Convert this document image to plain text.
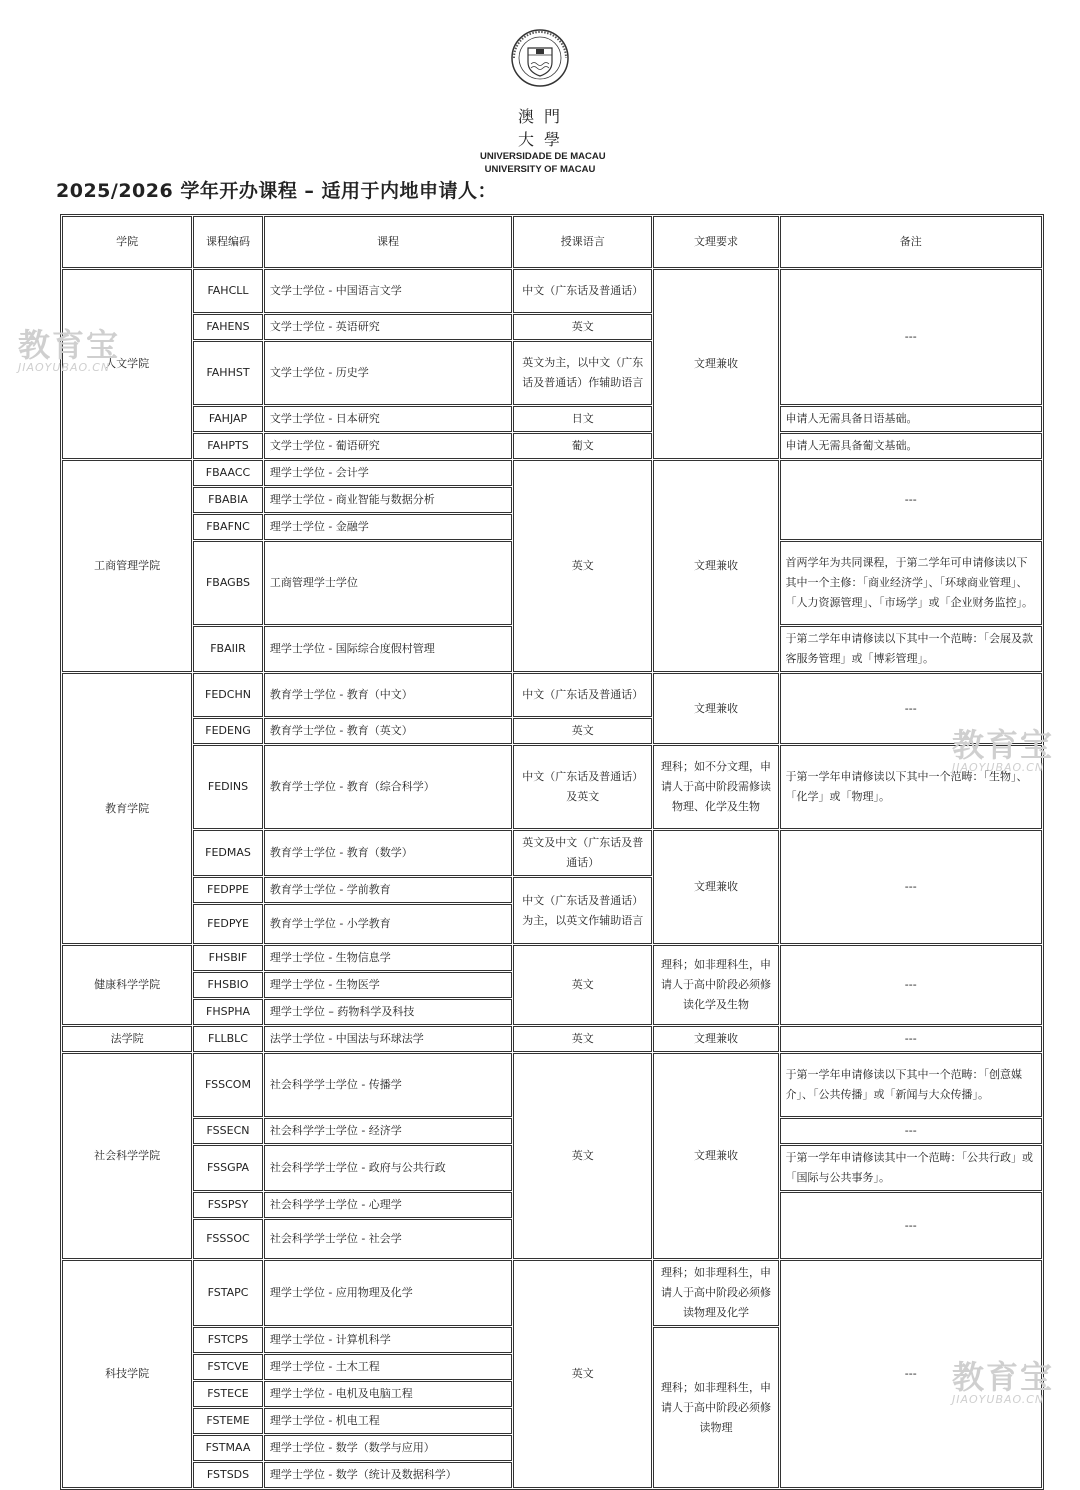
澳門大學
UNIVERSIDADE DE MACAU
UNIVERSITY OF MACAU
2025/2026 学年开办课程 – 适用于内地申请人：
学院	课程编码	课程	授课语言	文理要求	备注
人文学院	FAHCLL	文学士学位 - 中国语言文学	中文（广东话及普通话）	文理兼收	---
	FAHENS	文学士学位 - 英语研究	英文		
	FAHHST	文学士学位 - 历史学	英文为主，以中文（广东话及普通话）作辅助语言		
	FAHJAP	文学士学位 - 日本研究	日文		申请人无需具备日语基础。
	FAHPTS	文学士学位 - 葡语研究	葡文		申请人无需具备葡文基础。
工商管理学院	FBAACC	理学士学位 - 会计学	英文	文理兼收	---
	FBABIA	理学士学位 - 商业智能与数据分析			
	FBAFNC	理学士学位 - 金融学			
	FBAGBS	工商管理学士学位			首两学年为共同课程，于第二学年可申请修读以下其中一个主修：「商业经济学」、「环球商业管理」、「人力资源管理」、「市场学」或「企业财务监控」。
	FBAIIR	理学士学位 - 国际综合度假村管理			于第二学年申请修读以下其中一个范畴：「会展及款客服务管理」或「博彩管理」。
教育学院	FEDCHN	教育学士学位 - 教育（中文）	中文（广东话及普通话）	文理兼收	---
	FEDENG	教育学士学位 - 教育（英文）	英文		
	FEDINS	教育学士学位 - 教育（综合科学）	中文（广东话及普通话）及英文	理科；如不分文理，申请人于高中阶段需修读物理、化学及生物	于第一学年申请修读以下其中一个范畴：「生物」、「化学」或「物理」。
	FEDMAS	教育学士学位 - 教育（数学）	英文及中文（广东话及普通话）	文理兼收	---
	FEDPPE	教育学士学位 - 学前教育	中文（广东话及普通话）为主，以英文作辅助语言		
	FEDPYE	教育学士学位 - 小学教育			
健康科学学院	FHSBIF	理学士学位 - 生物信息学	英文	理科；如非理科生，申请人于高中阶段必须修读化学及生物	---
	FHSBIO	理学士学位 - 生物医学			
	FHSPHA	理学士学位 – 药物科学及科技			
法学院	FLLBLC	法学士学位 - 中国法与环球法学	英文	文理兼收	---
社会科学学院	FSSCOM	社会科学学士学位 - 传播学	英文	文理兼收	于第一学年申请修读以下其中一个范畴：「创意媒介」、「公共传播」或「新闻与大众传播」。
	FSSECN	社会科学学士学位 - 经济学			---
	FSSGPA	社会科学学士学位 - 政府与公共行政			于第一学年申请修读其中一个范畴：「公共行政」或「国际与公共事务」。
	FSSPSY	社会科学学士学位 - 心理学			---
	FSSSOC	社会科学学士学位 - 社会学			
科技学院	FSTAPC	理学士学位 - 应用物理及化学	英文	理科；如非理科生，申请人于高中阶段必须修读物理及化学	---
	FSTCPS	理学士学位 - 计算机科学		理科；如非理科生，申请人于高中阶段必须修读物理	
	FSTCVE	理学士学位 - 土木工程			
	FSTECE	理学士学位 - 电机及电脑工程			
	FSTEME	理学士学位 - 机电工程			
	FSTMAA	理学士学位 - 数学（数学与应用）			
	FSTSDS	理学士学位 - 数学（统计及数据科学）			
教育宝
JIAOYUBAO.CN
教育宝
JIAOYUBAO.CN
教育宝
JIAOYUBAO.CN
